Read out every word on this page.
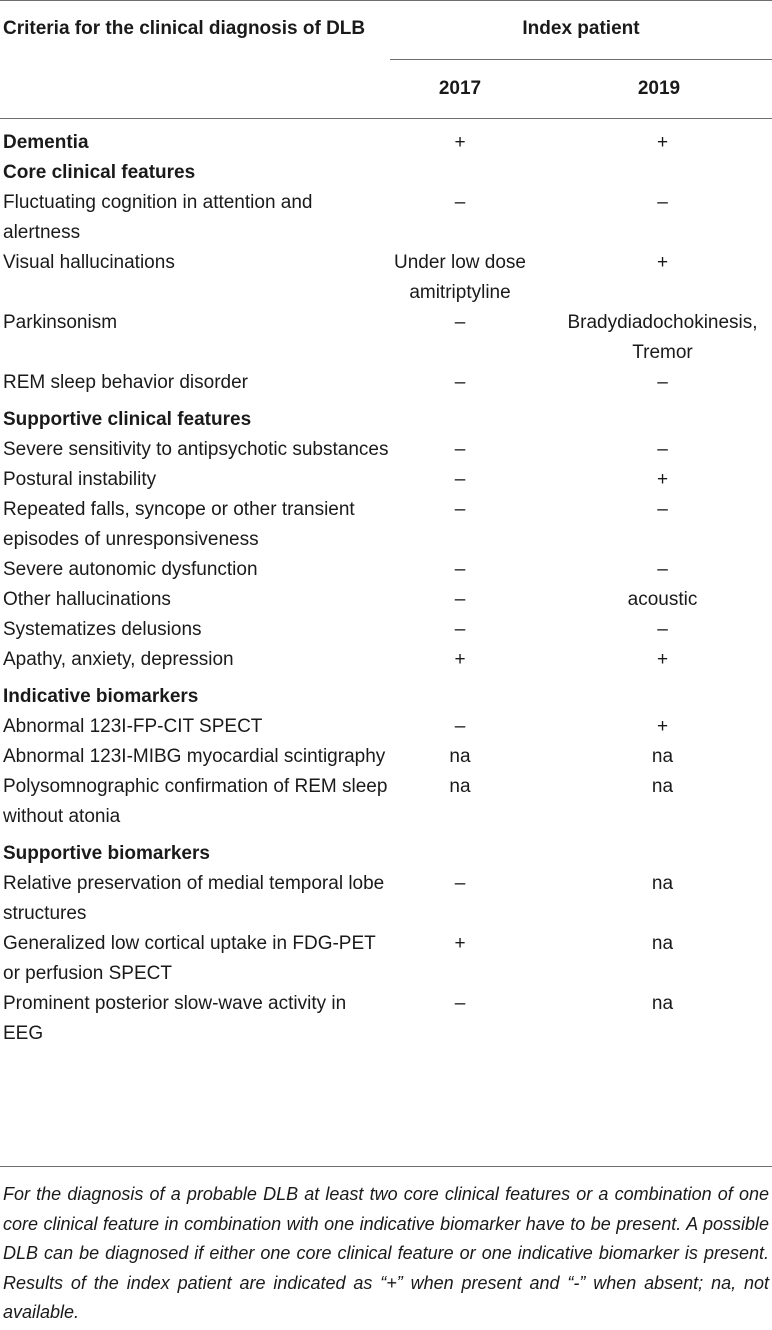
Criteria for the clinical diagnosis of DLB	Index patient
2017	2019
Dementia	+		+
Core clinical features			
Fluctuating cognition in attention and alertness	–		–
Visual hallucinations	Under low dose amitriptyline		+
Parkinsonism	–		Bradydiadochokinesis, Tremor
REM sleep behavior disorder	–		–
Supportive clinical features			
Severe sensitivity to antipsychotic substances	–		–
Postural instability	–		+
Repeated falls, syncope or other transient episodes of unresponsiveness	–		–
Severe autonomic dysfunction	–		–
Other hallucinations	–		acoustic
Systematizes delusions	–		–
Apathy, anxiety, depression	+		+
Indicative biomarkers			
Abnormal 123I-FP-CIT SPECT	–		+
Abnormal 123I-MIBG myocardial scintigraphy	na		na
Polysomnographic confirmation of REM sleep without atonia	na		na
Supportive biomarkers			
Relative preservation of medial temporal lobe structures	–		na
Generalized low cortical uptake in FDG-PET or perfusion SPECT	+		na
Prominent posterior slow-wave activity in EEG	–		na
For the diagnosis of a probable DLB at least two core clinical features or a combination of one core clinical feature in combination with one indicative biomarker have to be present. A possible DLB can be diagnosed if either one core clinical feature or one indicative biomarker is present. Results of the index patient are indicated as “+” when present and “-” when absent; na, not available.
